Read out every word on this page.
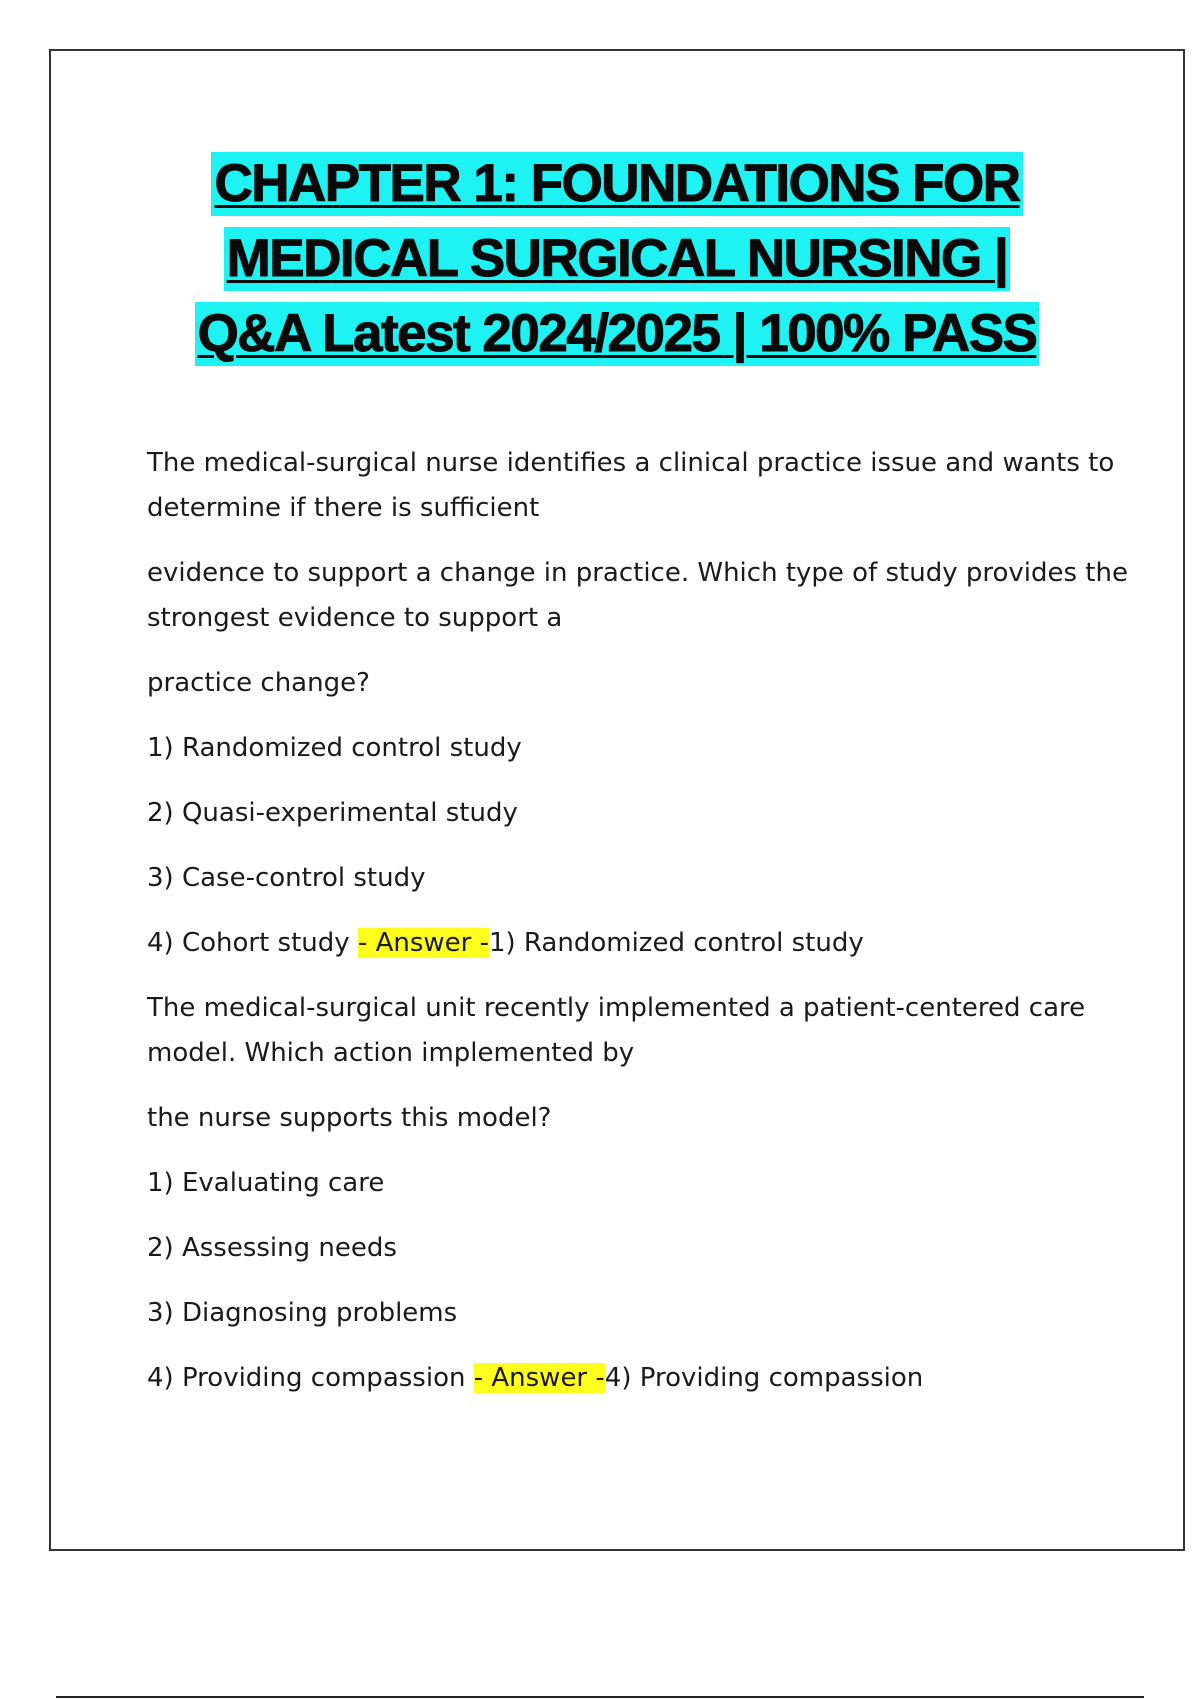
CHAPTER 1: FOUNDATIONS FOR
MEDICAL SURGICAL NURSING |
Q&A Latest 2024/2025 | 100% PASS

The medical-surgical nurse identifies a clinical practice issue and wants to determine if there is sufficient

evidence to support a change in practice. Which type of study provides the strongest evidence to support a

practice change?

1) Randomized control study

2) Quasi-experimental study

3) Case-control study

4) Cohort study - Answer -1) Randomized control study

The medical-surgical unit recently implemented a patient-centered care model. Which action implemented by

the nurse supports this model?

1) Evaluating care

2) Assessing needs

3) Diagnosing problems

4) Providing compassion - Answer -4) Providing compassion
